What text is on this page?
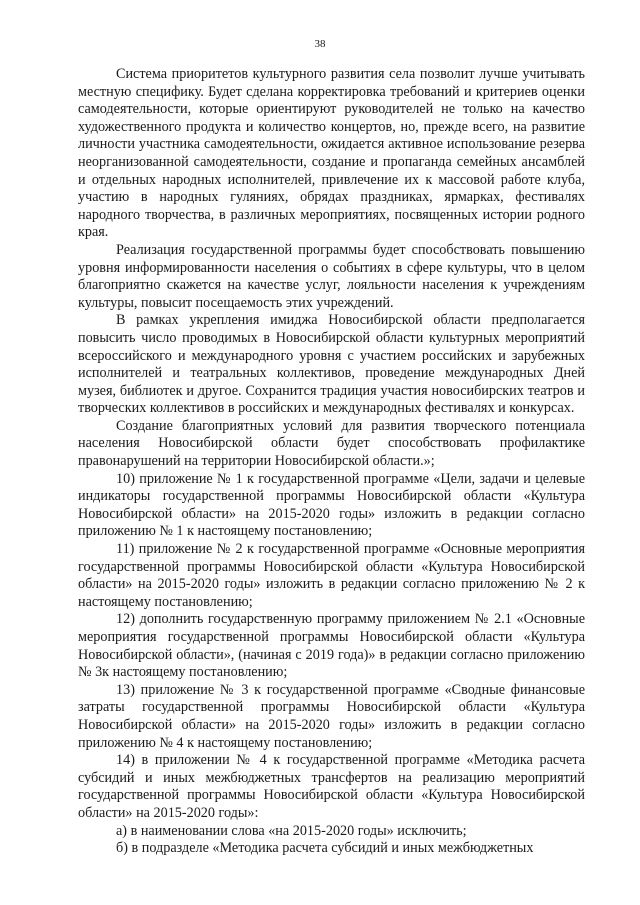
38

Система приоритетов культурного развития села позволит лучше учитывать местную специфику. Будет сделана корректировка требований и критериев оценки самодеятельности, которые ориентируют руководителей не только на качество художественного продукта и количество концертов, но, прежде всего, на развитие личности участника самодеятельности, ожидается активное использование резерва неорганизованной самодеятельности, создание и пропаганда семейных ансамблей и отдельных народных исполнителей, привлечение их к массовой работе клуба, участию в народных гуляниях, обрядах праздниках, ярмарках, фестивалях народного творчества, в различных мероприятиях, посвященных истории родного края.

Реализация государственной программы будет способствовать повышению уровня информированности населения о событиях в сфере культуры, что в целом благоприятно скажется на качестве услуг, лояльности населения к учреждениям культуры, повысит посещаемость этих учреждений.

В рамках укрепления имиджа Новосибирской области предполагается повысить число проводимых в Новосибирской области культурных мероприятий всероссийского и международного уровня с участием российских и зарубежных исполнителей и театральных коллективов, проведение международных Дней музея, библиотек и другое. Сохранится традиция участия новосибирских театров и творческих коллективов в российских и международных фестивалях и конкурсах.

Создание благоприятных условий для развития творческого потенциала населения Новосибирской области будет способствовать профилактике правонарушений на территории Новосибирской области.»;

10) приложение № 1 к государственной программе «Цели, задачи и целевые индикаторы государственной программы Новосибирской области «Культура Новосибирской области» на 2015-2020 годы» изложить в редакции согласно приложению № 1 к настоящему постановлению;

11) приложение № 2 к государственной программе «Основные мероприятия государственной программы Новосибирской области «Культура Новосибирской области» на 2015-2020 годы» изложить в редакции согласно приложению № 2 к настоящему постановлению;

12) дополнить государственную программу приложением № 2.1 «Основные мероприятия государственной программы Новосибирской области «Культура Новосибирской области», (начиная с 2019 года)» в редакции согласно приложению № 3к настоящему постановлению;

13) приложение № 3 к государственной программе «Сводные финансовые затраты государственной программы Новосибирской области «Культура Новосибирской области» на 2015-2020 годы» изложить в редакции согласно приложению № 4 к настоящему постановлению;

14) в приложении № 4 к государственной программе «Методика расчета субсидий и иных межбюджетных трансфертов на реализацию мероприятий государственной программы Новосибирской области «Культура Новосибирской области» на 2015-2020 годы»:

а) в наименовании слова «на 2015-2020 годы» исключить;

б) в подразделе «Методика расчета субсидий и иных межбюджетных
